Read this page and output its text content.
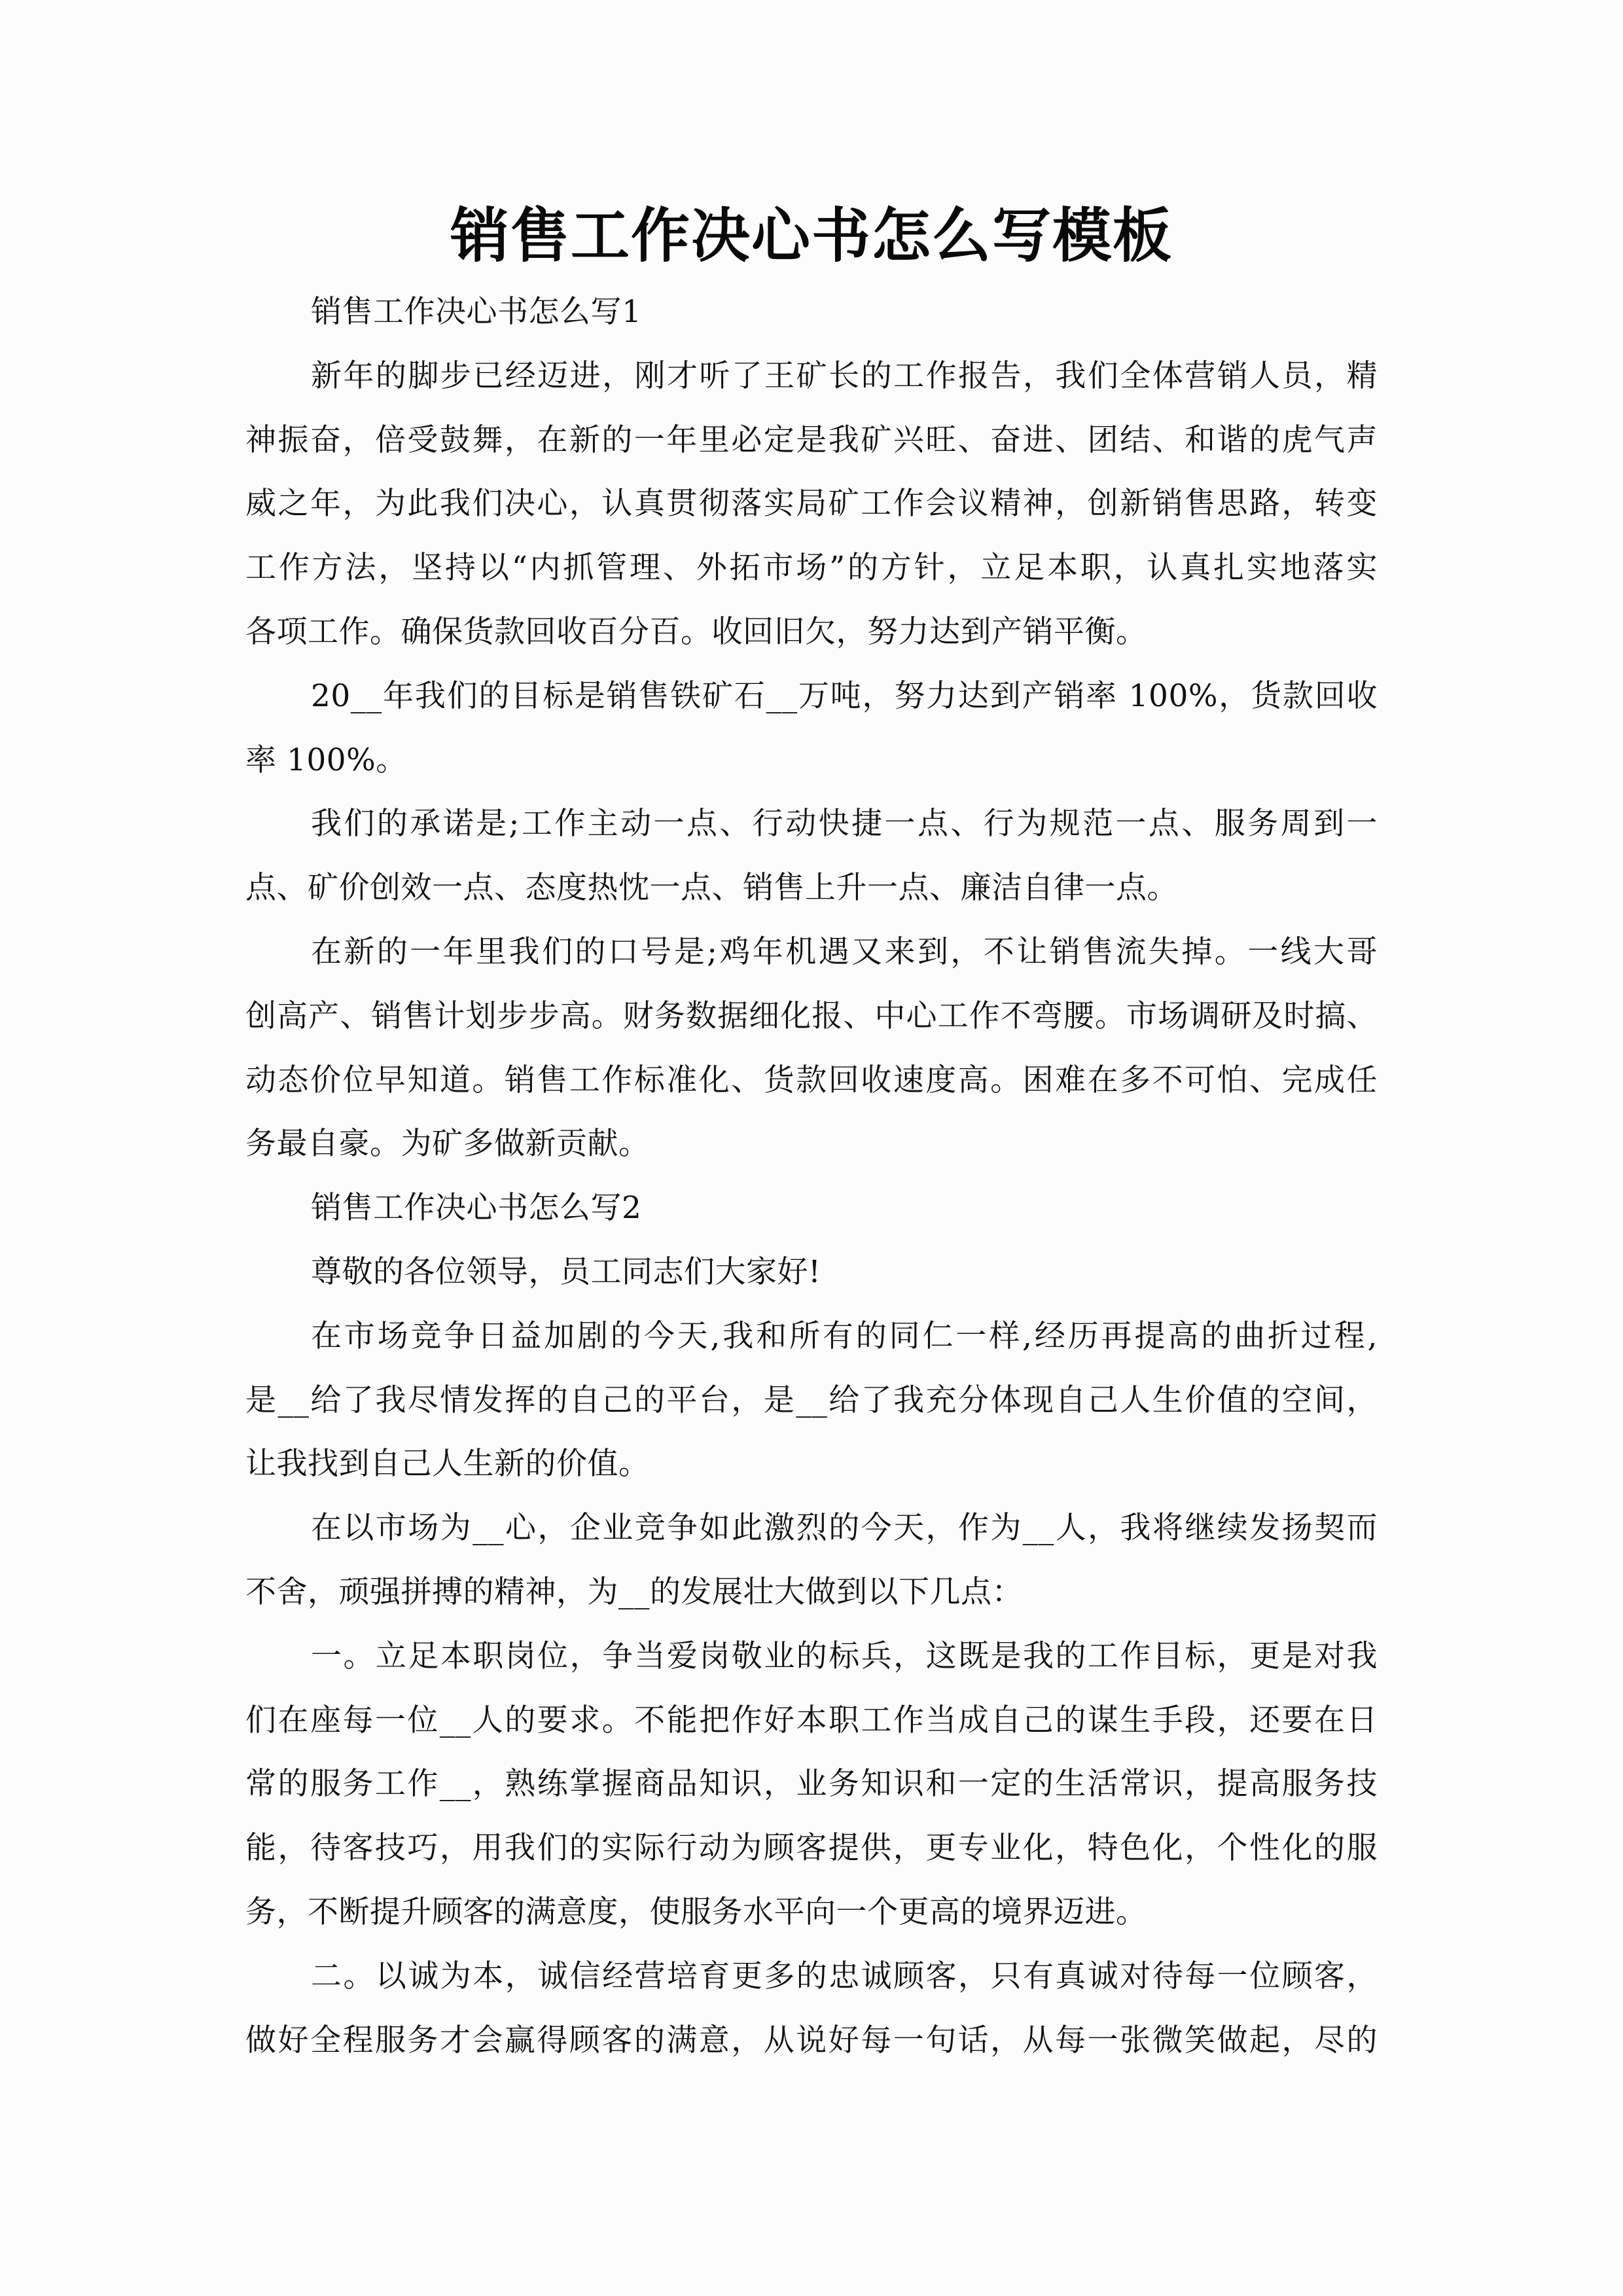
销售工作决心书怎么写模板
销售工作决心书怎么写1
新年的脚步已经迈进，刚才听了王矿长的工作报告，我们全体营销人员，精
神振奋，倍受鼓舞，在新的一年里必定是我矿兴旺、奋进、团结、和谐的虎气声
威之年，为此我们决心，认真贯彻落实局矿工作会议精神，创新销售思路，转变
工作方法，坚持以“内抓管理、外拓市场”的方针，立足本职，认真扎实地落实
各项工作。确保货款回收百分百。收回旧欠，努力达到产销平衡。
20__年我们的目标是销售铁矿石__万吨，努力达到产销率 100%，货款回收
率 100%。
我们的承诺是;工作主动一点、行动快捷一点、行为规范一点、服务周到一
点、矿价创效一点、态度热忱一点、销售上升一点、廉洁自律一点。
在新的一年里我们的口号是;鸡年机遇又来到，不让销售流失掉。一线大哥
创高产、销售计划步步高。财务数据细化报、中心工作不弯腰。市场调研及时搞、
动态价位早知道。销售工作标准化、货款回收速度高。困难在多不可怕、完成任
务最自豪。为矿多做新贡献。
销售工作决心书怎么写2
尊敬的各位领导，员工同志们大家好!
在市场竞争日益加剧的今天,我和所有的同仁一样,经历再提高的曲折过程,
是__给了我尽情发挥的自己的平台，是__给了我充分体现自己人生价值的空间，
让我找到自己人生新的价值。
在以市场为__心，企业竞争如此激烈的今天，作为__人，我将继续发扬契而
不舍，顽强拼搏的精神，为__的发展壮大做到以下几点：
一。立足本职岗位，争当爱岗敬业的标兵，这既是我的工作目标，更是对我
们在座每一位__人的要求。不能把作好本职工作当成自己的谋生手段，还要在日
常的服务工作__，熟练掌握商品知识，业务知识和一定的生活常识，提高服务技
能，待客技巧，用我们的实际行动为顾客提供，更专业化，特色化，个性化的服
务，不断提升顾客的满意度，使服务水平向一个更高的境界迈进。
二。以诚为本，诚信经营培育更多的忠诚顾客，只有真诚对待每一位顾客，
做好全程服务才会赢得顾客的满意，从说好每一句话，从每一张微笑做起，尽的
